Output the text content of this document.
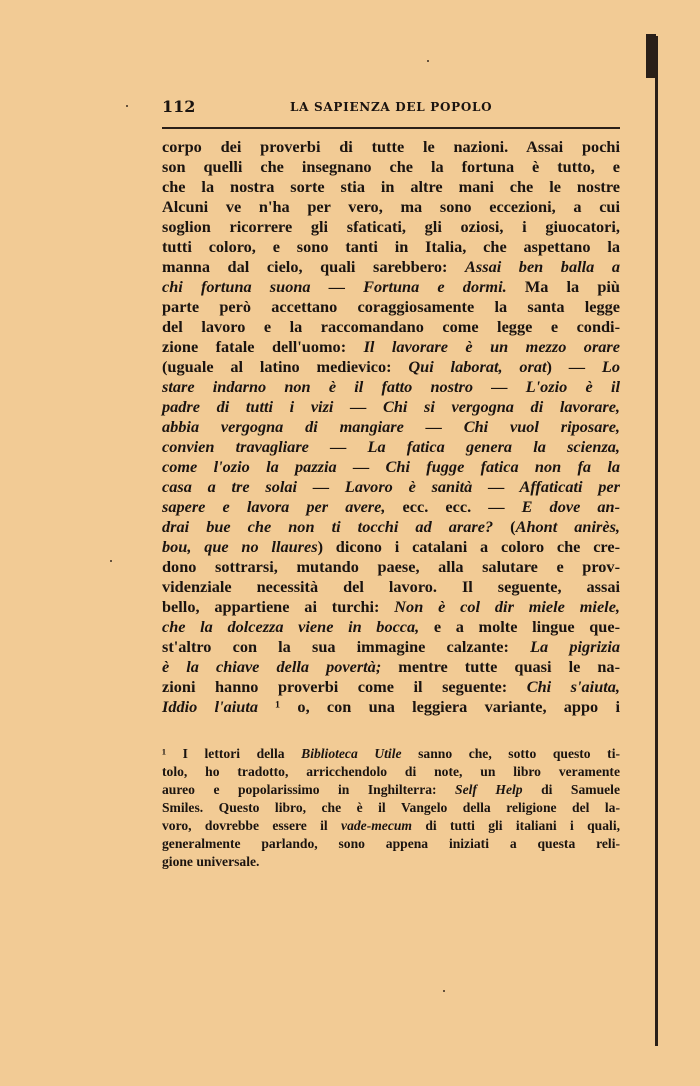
112	LA SAPIENZA DEL POPOLO
corpo dei proverbi di tutte le nazioni. Assai pochi
son quelli che insegnano che la fortuna è tutto, e
che la nostra sorte stia in altre mani che le nostre
Alcuni ve n'ha per vero, ma sono eccezioni, a cui
soglion ricorrere gli sfaticati, gli oziosi, i giuocatori,
tutti coloro, e sono tanti in Italia, che aspettano la
manna dal cielo, quali sarebbero: Assai ben balla a
chi fortuna suona — Fortuna e dormi. Ma la più
parte però accettano coraggiosamente la santa legge
del lavoro e la raccomandano come legge e condi-
zione fatale dell'uomo: Il lavorare è un mezzo orare
(uguale al latino medievico: Qui laborat, orat) — Lo
stare indarno non è il fatto nostro — L'ozio è il
padre di tutti i vizi — Chi si vergogna di lavorare,
abbia vergogna di mangiare — Chi vuol riposare,
convien travagliare — La fatica genera la scienza,
come l'ozio la pazzia — Chi fugge fatica non fa la
casa a tre solai — Lavoro è sanità — Affaticati per
sapere e lavora per avere, ecc. ecc. — E dove an-
drai bue che non ti tocchi ad arare? (Ahont anirès,
bou, que no llaures) dicono i catalani a coloro che cre-
dono sottrarsi, mutando paese, alla salutare e prov-
videnziale necessità del lavoro. Il seguente, assai
bello, appartiene ai turchi: Non è col dir miele miele,
che la dolcezza viene in bocca, e a molte lingue que-
st'altro con la sua immagine calzante: La pigrizia
è la chiave della povertà; mentre tutte quasi le na-
zioni hanno proverbi come il seguente: Chi s'aiuta,
Iddio l'aiuta ¹ o, con una leggiera variante, appo i
¹ I lettori della Biblioteca Utile sanno che, sotto questo ti-
tolo, ho tradotto, arricchendolo di note, un libro veramente
aureo e popolarissimo in Inghilterra: Self Help di Samuele
Smiles. Questo libro, che è il Vangelo della religione del la-
voro, dovrebbe essere il vade-mecum di tutti gli italiani i quali,
generalmente parlando, sono appena iniziati a questa reli-
gione universale.
